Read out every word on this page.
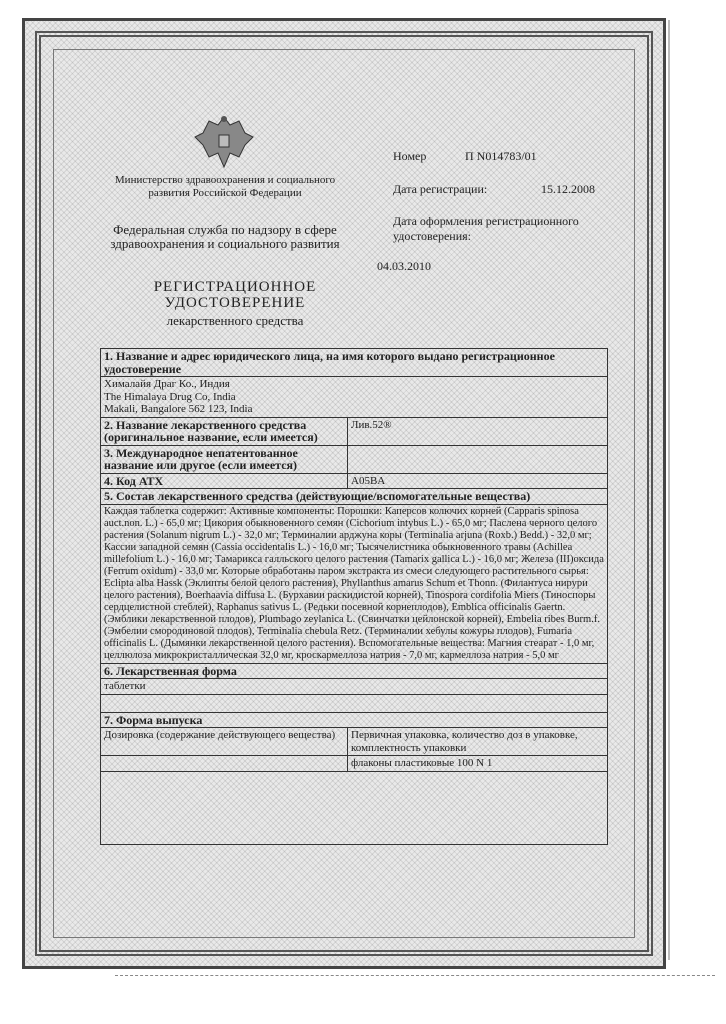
Министерство здравоохранения и социального развития Российской Федерации
Федеральная служба по надзору в сфере здравоохранения и социального развития
РЕГИСТРАЦИОННОЕ УДОСТОВЕРЕНИЕ
лекарственного средства
Номер	П N014783/01
Дата регистрации:	15.12.2008
Дата оформления регистрационного удостоверения:
04.03.2010
1. Название и адрес юридического лица, на имя которого выдано регистрационное удостоверение	

Хималайя Драг Ко., Индия
The Himalaya Drug Co, India
Makali, Bangalore 562 123, India	

2. Название лекарственного средства (оригинальное название, если имеется)	Лив.52®
3. Международное непатентованное название или другое (если имеется)	
4. Код АТХ	A05BA
5. Состав лекарственного средства (действующие/вспомогательные вещества)	
Каждая таблетка содержит: Активные компоненты: Порошки: Каперсов колючих корней (Capparis spinosa auct.non. L.) - 65,0 мг; Цикория обыкновенного семян (Cichorium intybus L.) - 65,0 мг; Паслена черного целого растения (Solanum nigrum L.) - 32,0 мг; Терминалии арджуна коры (Terminalia arjuna (Roxb.) Bedd.) - 32,0 мг; Кассии западной семян (Cassia occidentalis L.) - 16,0 мг; Тысячелистника обыкновенного травы (Achillea millefolium L.) - 16,0 мг; Тамарикса галльского целого растения (Tamarix gallica L.) - 16,0 мг; Железа (III)оксида (Ferrum oxidum) - 33,0 мг. Которые обработаны паром экстракта из смеси следующего растительного сырья: Eclipta alba Hassk (Эклипты белой целого растения), Phyllanthus amarus Schum et Thonn. (Филантуса нирури целого растения), Boerhaavia diffusa L. (Бурхавии раскидистой корней), Tinospora cordifolia Miers (Тиноспоры сердцелистной стеблей), Raphanus sativus L. (Редьки посевной корнеплодов), Emblica officinalis Gaertn. (Эмблики лекарственной плодов), Plumbago zeylanica L. (Свинчатки цейлонской корней), Embelia ribes Burm.f. (Эмбелии смородиновой плодов), Terminalia chebula Retz. (Терминалии хебулы кожуры плодов), Fumaria officinalis L. (Дымянки лекарственной целого растения). Вспомогательные вещества: Магния стеарат - 1,0 мг, целлюлоза микрокристаллическая 32,0 мг, кроскармеллоза натрия - 7,0 мг, кармеллоза натрия - 5,0 мг	
6. Лекарственная форма	
таблетки	

7. Форма выпуска	
Дозировка (содержание действующего вещества)	Первичная упаковка, количество доз в упаковке, комплектность упаковки
	флаконы пластиковые 100 N 1
